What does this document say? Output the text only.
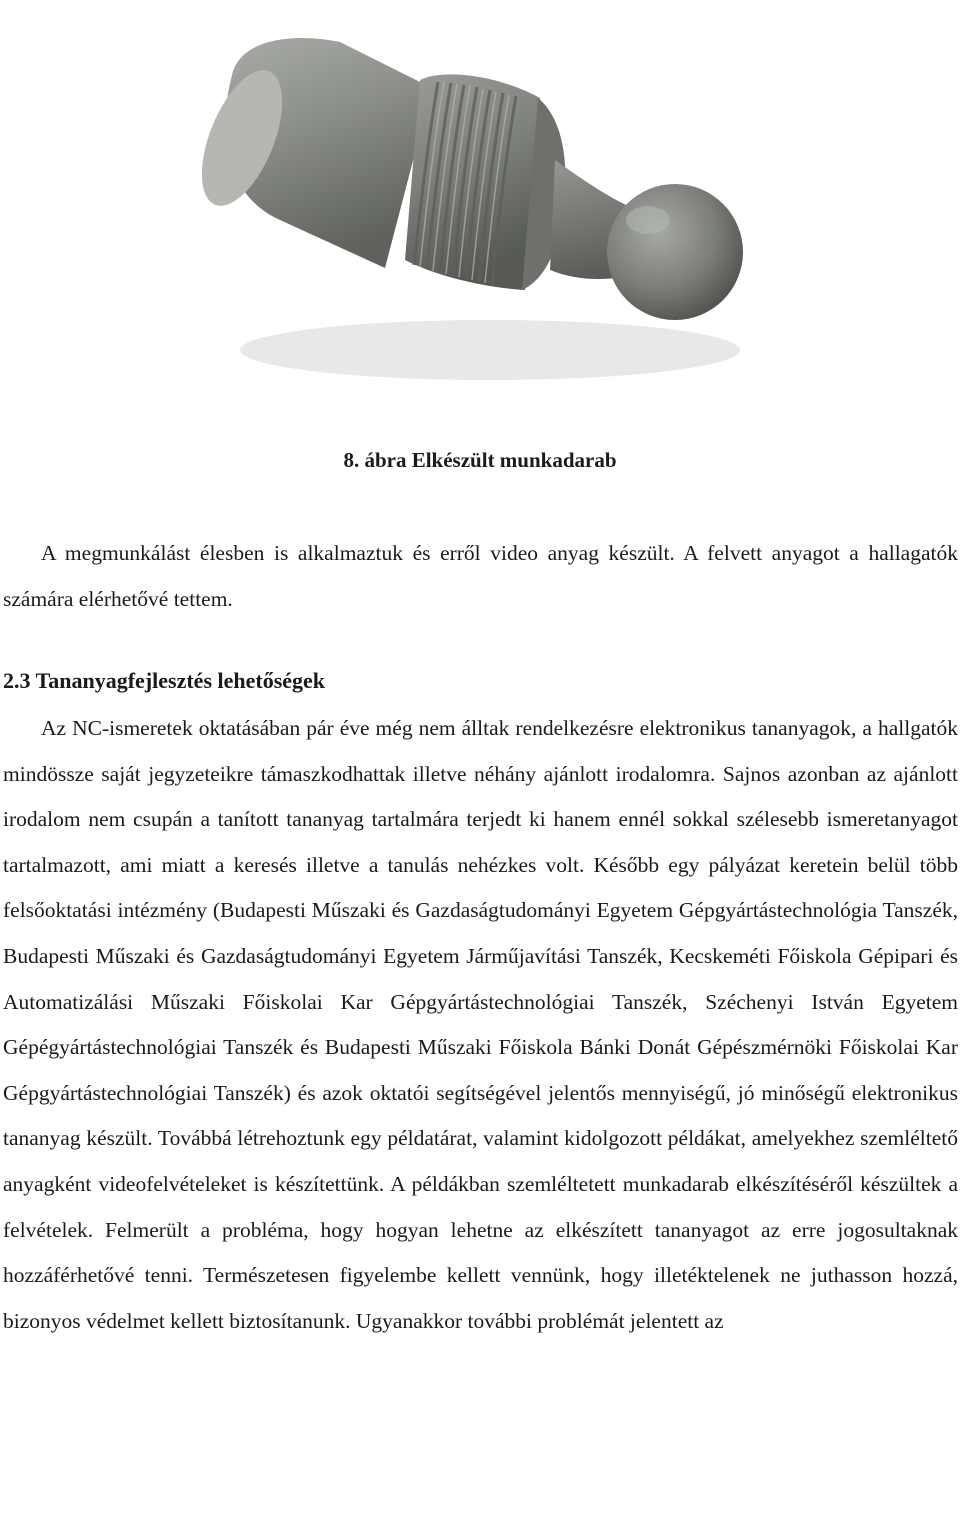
8. ábra Elkészült munkadarab

A megmunkálást élesben is alkalmaztuk és erről video anyag készült. A felvett anyagot a hallagatók számára elérhetővé tettem.

2.3 Tananyagfejlesztés lehetőségek

Az NC-ismeretek oktatásában pár éve még nem álltak rendelkezésre elektronikus tananyagok, a hallgatók mindössze saját jegyzeteikre támaszkodhattak illetve néhány ajánlott irodalomra. Sajnos azonban az ajánlott irodalom nem csupán a tanított tananyag tartalmára terjedt ki hanem ennél sokkal szélesebb ismeretanyagot tartalmazott, ami miatt a keresés illetve a tanulás nehézkes volt. Később egy pályázat keretein belül több felsőoktatási intézmény (Budapesti Műszaki és Gazdaságtudományi Egyetem Gépgyártástechnológia Tanszék, Budapesti Műszaki és Gazdaságtudományi Egyetem Járműjavítási Tanszék, Kecskeméti Főiskola Gépipari és Automatizálási Műszaki Főiskolai Kar Gépgyártástechnológiai Tanszék, Széchenyi István Egyetem Gépégyártástechnológiai Tanszék és Budapesti Műszaki Főiskola Bánki Donát Gépészmérnöki Főiskolai Kar Gépgyártástechnológiai Tanszék) és azok oktatói segítségével jelentős mennyiségű, jó minőségű elektronikus tananyag készült. Továbbá létrehoztunk egy példatárat, valamint kidolgozott példákat, amelyekhez szemléltető anyagként videofelvételeket is készítettünk. A példákban szemléltetett munkadarab elkészítéséről készültek a felvételek. Felmerült a probléma, hogy hogyan lehetne az elkészített tananyagot az erre jogosultaknak hozzáférhetővé tenni. Természetesen figyelembe kellett vennünk, hogy illetéktelenek ne juthasson hozzá, bizonyos védelmet kellett biztosítanunk. Ugyanakkor további problémát jelentett az
